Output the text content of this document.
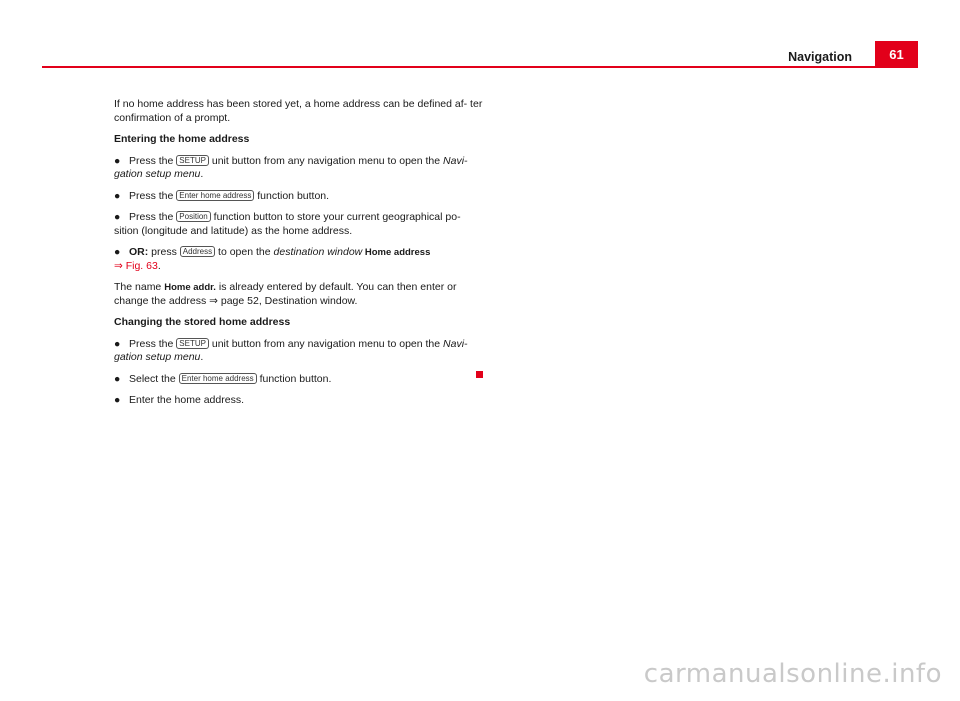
Navigation	61

If no home address has been stored yet, a home address can be defined af- ter confirmation of a prompt.

Entering the home address

● Press the SETUP unit button from any navigation menu to open the Navi- gation setup menu.

● Press the Enter home address function button.

● Press the Position function button to store your current geographical po- sition (longitude and latitude) as the home address.

● OR: press Address to open the destination window Home address
⇒ Fig. 63.

The name Home addr. is already entered by default. You can then enter or change the address ⇒ page 52, Destination window.

Changing the stored home address

● Press the SETUP unit button from any navigation menu to open the Navi- gation setup menu.

● Select the Enter home address function button.

● Enter the home address.

carmanualsonline.info
